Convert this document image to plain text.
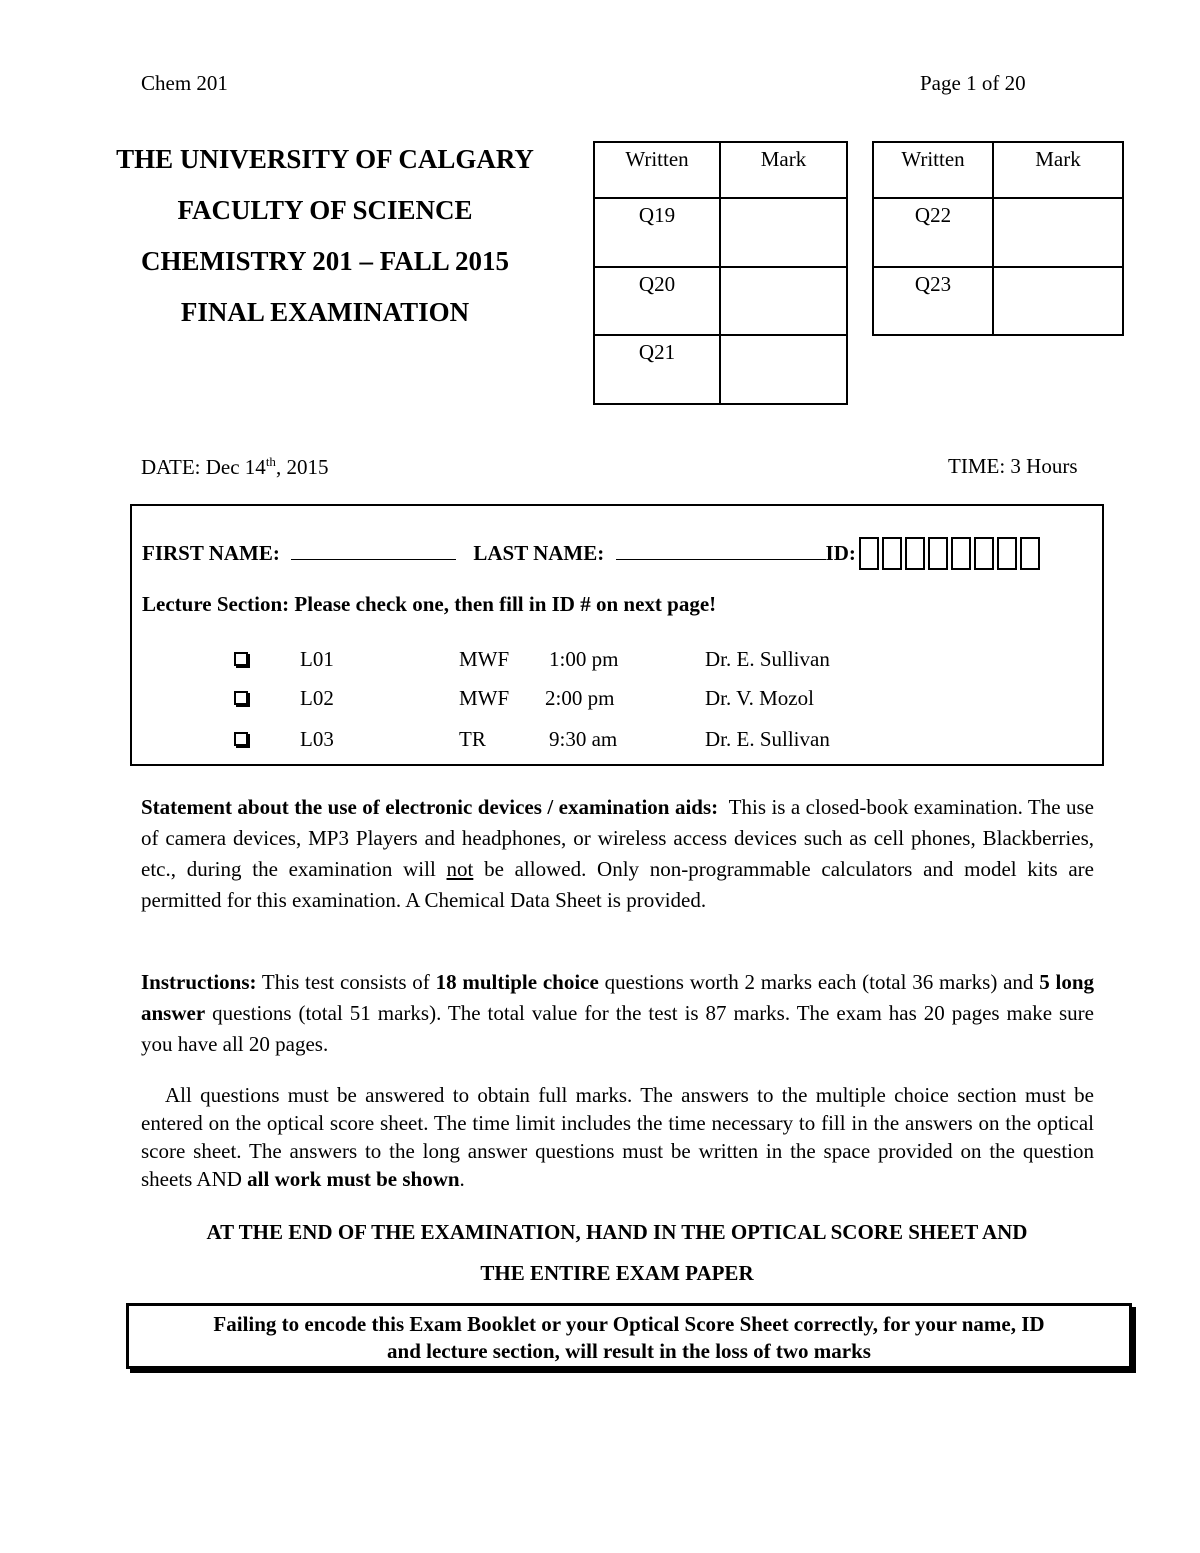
Chem 201	Page 1 of 20
THE UNIVERSITY OF CALGARY
FACULTY OF SCIENCE
CHEMISTRY 201 – FALL 2015
FINAL EXAMINATION
Written	Mark
Q19	
Q20	
Q21	
Written	Mark
Q22	
Q23	
DATE: Dec 14th, 2015	TIME: 3 Hours
FIRST NAME:	LAST NAME:	ID:
Lecture Section: Please check one, then fill in ID # on next page!
L01	MWF 1:00 pm	Dr. E. Sullivan
L02	MWF 2:00 pm	Dr. V. Mozol
L03	TR	9:30 am	Dr. E. Sullivan
Statement about the use of electronic devices / examination aids: This is a closed-book examination. The use of camera devices, MP3 Players and headphones, or wireless access devices such as cell phones, Blackberries, etc., during the examination will not be allowed. Only non-programmable calculators and model kits are permitted for this examination. A Chemical Data Sheet is provided.
Instructions: This test consists of 18 multiple choice questions worth 2 marks each (total 36 marks) and 5 long answer questions (total 51 marks). The total value for the test is 87 marks. The exam has 20 pages make sure you have all 20 pages.
All questions must be answered to obtain full marks. The answers to the multiple choice section must be entered on the optical score sheet. The time limit includes the time necessary to fill in the answers on the optical score sheet. The answers to the long answer questions must be written in the space provided on the question sheets AND all work must be shown.
AT THE END OF THE EXAMINATION, HAND IN THE OPTICAL SCORE SHEET AND
THE ENTIRE EXAM PAPER
Failing to encode this Exam Booklet or your Optical Score Sheet correctly, for your name, ID
and lecture section, will result in the loss of two marks
